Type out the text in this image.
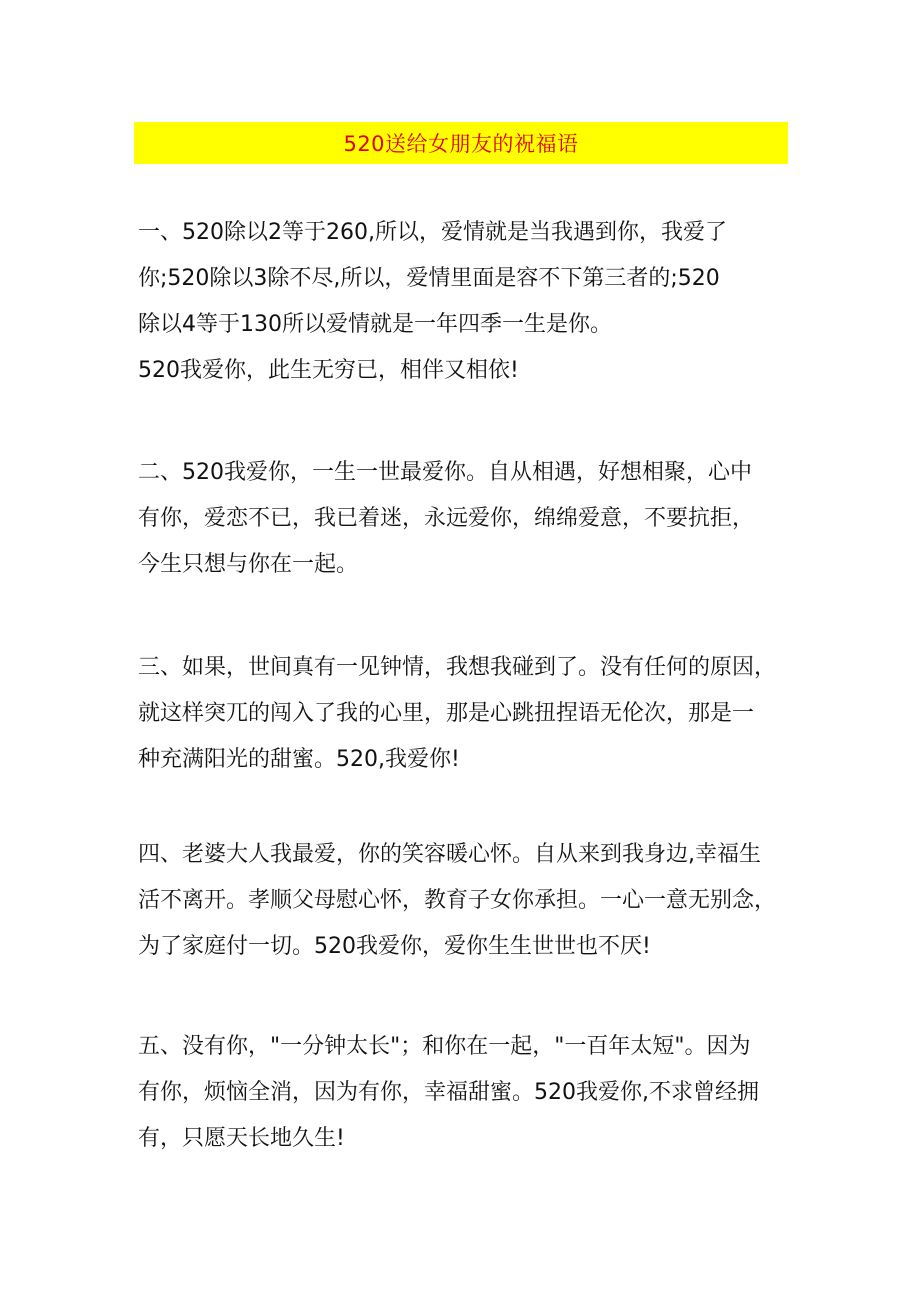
520送给女朋友的祝福语
一、520除以2等于260,所以，爱情就是当我遇到你，我爱了
你;520除以3除不尽,所以，爱情里面是容不下第三者的;520
除以4等于130所以爱情就是一年四季一生是你。
520我爱你，此生无穷已，相伴又相依!
二、520我爱你，一生一世最爱你。自从相遇，好想相聚，心中
有你，爱恋不已，我已着迷，永远爱你，绵绵爱意，不要抗拒，
今生只想与你在一起。
三、如果，世间真有一见钟情，我想我碰到了。没有任何的原因，
就这样突兀的闯入了我的心里，那是心跳扭捏语无伦次，那是一
种充满阳光的甜蜜。520,我爱你!
四、老婆大人我最爱，你的笑容暖心怀。自从来到我身边,幸福生
活不离开。孝顺父母慰心怀，教育子女你承担。一心一意无别念，
为了家庭付一切。520我爱你，爱你生生世世也不厌!
五、没有你，"一分钟太长"；和你在一起，"一百年太短"。因为
有你，烦恼全消，因为有你，幸福甜蜜。520我爱你,不求曾经拥
有，只愿天长地久生!
